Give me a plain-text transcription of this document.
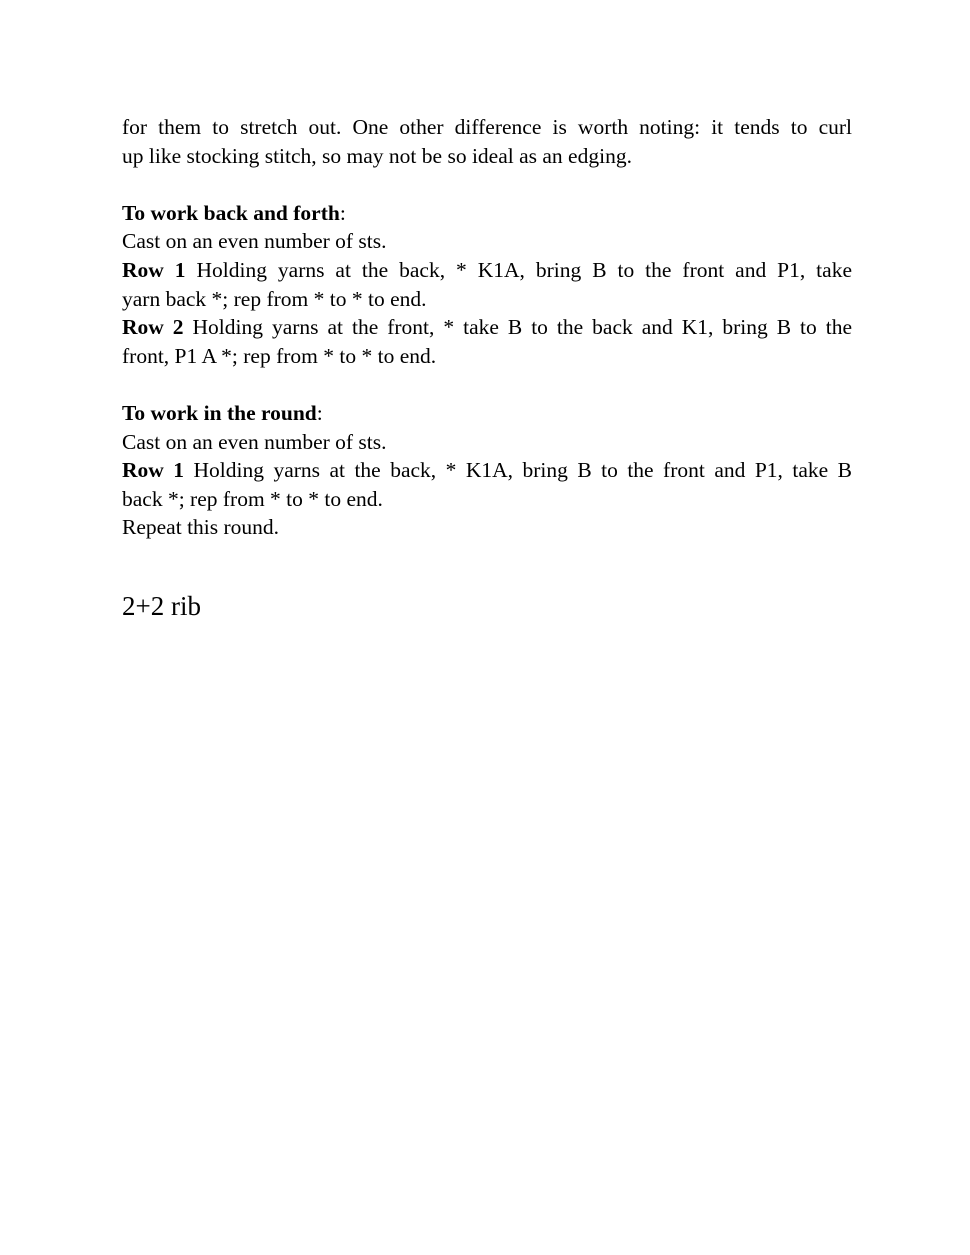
for them to stretch out. One other difference is worth noting: it tends to curl
up like stocking stitch, so may not be so ideal as an edging.

To work back and forth:
Cast on an even number of sts.
Row 1 Holding yarns at the back, * K1A, bring B to the front and P1, take
yarn back *; rep from * to * to end.
Row 2 Holding yarns at the front, * take B to the back and K1, bring B to the
front, P1 A *; rep from * to * to end.
To work in the round:
Cast on an even number of sts.
Row 1 Holding yarns at the back, * K1A, bring B to the front and P1, take B
back *; rep from * to * to end.
Repeat this round.
2+2 rib
